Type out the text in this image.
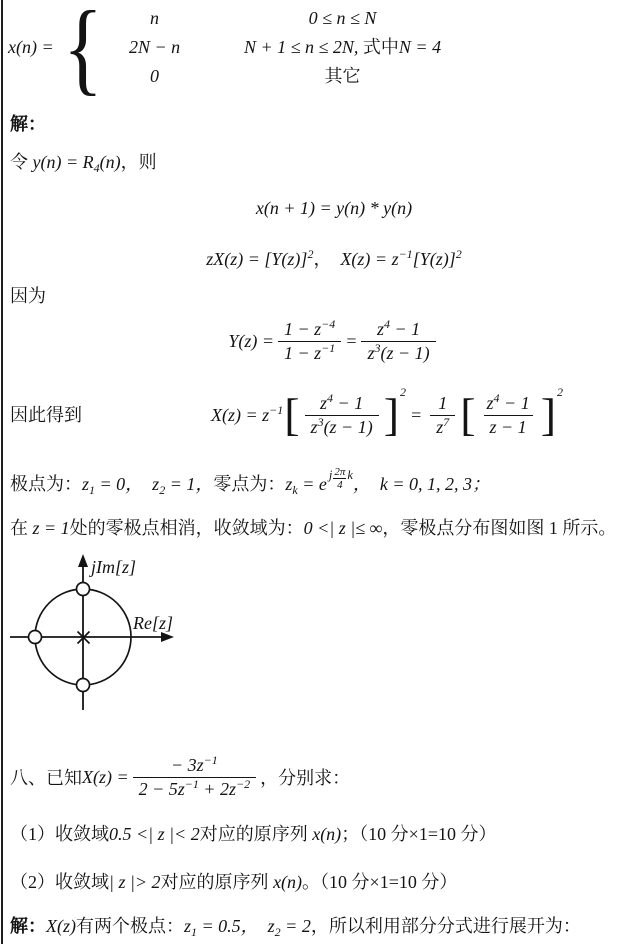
x(n) = {	n	0 ≤ n ≤ N
2N − n	N + 1 ≤ n ≤ 2N, 式中N = 4
0	其它
解：
令 $y(n) = R_4(n)$，则
x(n + 1) = y(n) * y(n)
$zX(z) = [Y(z)]^2$，  $X(z) = z^{-1}[Y(z)]^2$
因为
$Y(z) = \frac{1 - z^{-4}}{1 - z^{-1}} = \frac{z^4 - 1}{z^3(z - 1)}$
因此得到	$X(z) = z^{-1}$ [ $\frac{z^4 - 1}{z^3(z - 1)}$ ] 2
= $\frac{1}{z^7}$ [ $\frac{z^4 - 1}{z - 1}$ ] 2
极点为：$z_1 = 0$，  $z_2 = 1$，零点为：$z_k = e$ j $\frac{2\pi}{4}$ k，  k = 0, 1, 2, 3；
在 z = 1处的零极点相消，收敛域为：0 <| z |≤ ∞，零极点分布图如图 1 所示。
jIm[z]
Re[z]
八、已知 $X(z) = \frac{- 3z^{-1}}{2 - 5z^{-1} + 2z^{-2}}$ ，分别求：
（1）收敛域0.5 <| z |< 2对应的原序列 x(n)；（10 分×1=10 分）
（2）收敛域| z |> 2对应的原序列 x(n)。（10 分×1=10 分）
解：X(z)有两个极点：$z_1 = 0.5$，  $z_2 = 2$，所以利用部分分式进行展开为：
